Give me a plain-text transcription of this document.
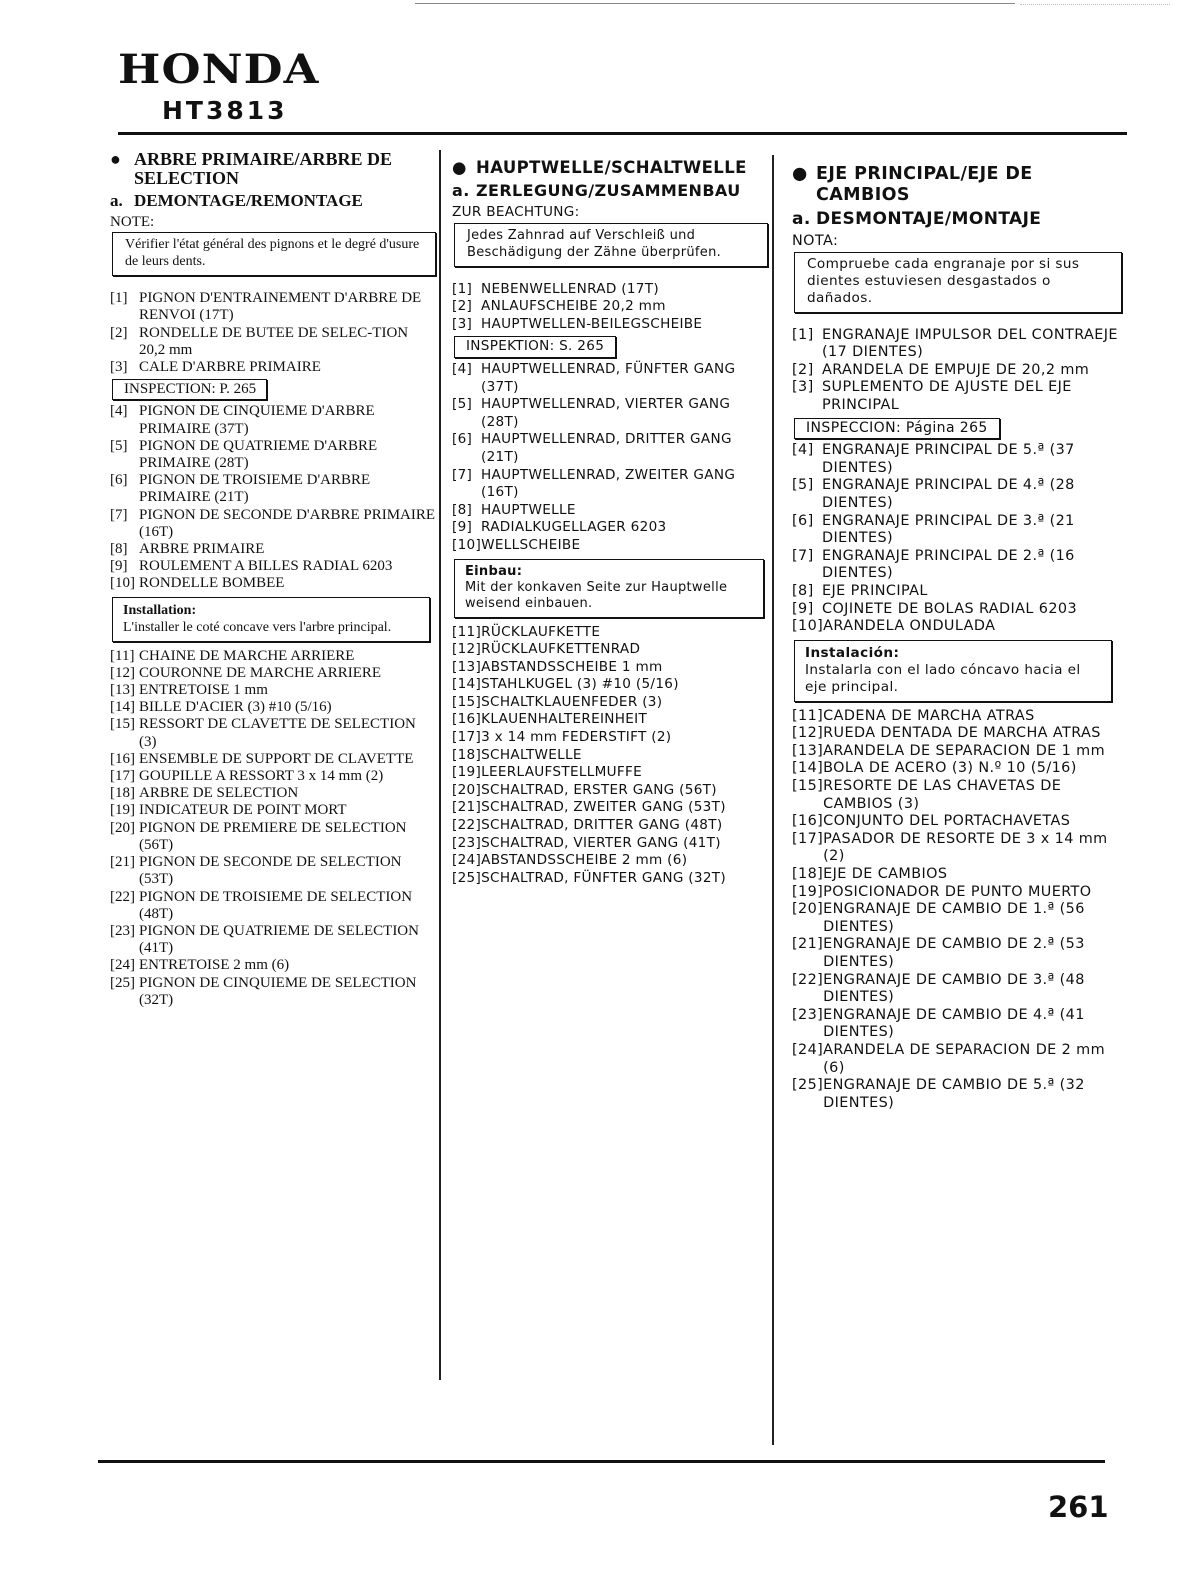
HONDA
HT3813
● ARBRE PRIMAIRE/ARBRE DE
SELECTION
a. DEMONTAGE/REMONTAGE
NOTE:
Vérifier l'état général des pignons et le degré d'usure de leurs dents.
[1] PIGNON D'ENTRAINEMENT D'ARBRE DE RENVOI (17T)
[2] RONDELLE DE BUTEE DE SELEC-TION 20,2 mm
[3] CALE D'ARBRE PRIMAIRE
INSPECTION: P. 265
[4] PIGNON DE CINQUIEME D'ARBRE PRIMAIRE (37T)
[5] PIGNON DE QUATRIEME D'ARBRE PRIMAIRE (28T)
[6] PIGNON DE TROISIEME D'ARBRE PRIMAIRE (21T)
[7] PIGNON DE SECONDE D'ARBRE PRIMAIRE (16T)
[8] ARBRE PRIMAIRE
[9] ROULEMENT A BILLES RADIAL 6203
[10] RONDELLE BOMBEE
Installation:
L'installer le coté concave vers l'arbre principal.
[11] CHAINE DE MARCHE ARRIERE
[12] COURONNE DE MARCHE ARRIERE
[13] ENTRETOISE 1 mm
[14] BILLE D'ACIER (3) #10 (5/16)
[15] RESSORT DE CLAVETTE DE SELECTION (3)
[16] ENSEMBLE DE SUPPORT DE CLAVETTE
[17] GOUPILLE A RESSORT 3 x 14 mm (2)
[18] ARBRE DE SELECTION
[19] INDICATEUR DE POINT MORT
[20] PIGNON DE PREMIERE DE SELECTION (56T)
[21] PIGNON DE SECONDE DE SELECTION (53T)
[22] PIGNON DE TROISIEME DE SELECTION (48T)
[23] PIGNON DE QUATRIEME DE SELECTION (41T)
[24] ENTRETOISE 2 mm (6)
[25] PIGNON DE CINQUIEME DE SELECTION (32T)
● HAUPTWELLE/SCHALTWELLE
a. ZERLEGUNG/ZUSAMMENBAU
ZUR BEACHTUNG:
Jedes Zahnrad auf Verschleiß und Beschädigung der Zähne überprüfen.
[1] NEBENWELLENRAD (17T)
[2] ANLAUFSCHEIBE 20,2 mm
[3] HAUPTWELLEN-BEILEGSCHEIBE
INSPEKTION: S. 265
[4] HAUPTWELLENRAD, FÜNFTER GANG (37T)
[5] HAUPTWELLENRAD, VIERTER GANG (28T)
[6] HAUPTWELLENRAD, DRITTER GANG (21T)
[7] HAUPTWELLENRAD, ZWEITER GANG (16T)
[8] HAUPTWELLE
[9] RADIALKUGELLAGER 6203
[10] WELLSCHEIBE
Einbau:
Mit der konkaven Seite zur Hauptwelle weisend einbauen.
[11] RÜCKLAUFKETTE
[12] RÜCKLAUFKETTENRAD
[13] ABSTANDSSCHEIBE 1 mm
[14] STAHLKUGEL (3) #10 (5/16)
[15] SCHALTKLAUENFEDER (3)
[16] KLAUENHALTEREINHEIT
[17] 3 x 14 mm FEDERSTIFT (2)
[18] SCHALTWELLE
[19] LEERLAUFSTELLMUFFE
[20] SCHALTRAD, ERSTER GANG (56T)
[21] SCHALTRAD, ZWEITER GANG (53T)
[22] SCHALTRAD, DRITTER GANG (48T)
[23] SCHALTRAD, VIERTER GANG (41T)
[24] ABSTANDSSCHEIBE 2 mm (6)
[25] SCHALTRAD, FÜNFTER GANG (32T)
● EJE PRINCIPAL/EJE DE CAMBIOS
a. DESMONTAJE/MONTAJE
NOTA:
Compruebe cada engranaje por si sus dientes estuviesen desgastados o dañados.
[1] ENGRANAJE IMPULSOR DEL CONTRAEJE (17 DIENTES)
[2] ARANDELA DE EMPUJE DE 20,2 mm
[3] SUPLEMENTO DE AJUSTE DEL EJE PRINCIPAL
INSPECCION: Página 265
[4] ENGRANAJE PRINCIPAL DE 5.ª (37 DIENTES)
[5] ENGRANAJE PRINCIPAL DE 4.ª (28 DIENTES)
[6] ENGRANAJE PRINCIPAL DE 3.ª (21 DIENTES)
[7] ENGRANAJE PRINCIPAL DE 2.ª (16 DIENTES)
[8] EJE PRINCIPAL
[9] COJINETE DE BOLAS RADIAL 6203
[10] ARANDELA ONDULADA
Instalación:
Instalarla con el lado cóncavo hacia el eje principal.
[11] CADENA DE MARCHA ATRAS
[12] RUEDA DENTADA DE MARCHA ATRAS
[13] ARANDELA DE SEPARACION DE 1 mm
[14] BOLA DE ACERO (3) N.º 10 (5/16)
[15] RESORTE DE LAS CHAVETAS DE CAMBIOS (3)
[16] CONJUNTO DEL PORTACHAVETAS
[17] PASADOR DE RESORTE DE 3 x 14 mm (2)
[18] EJE DE CAMBIOS
[19] POSICIONADOR DE PUNTO MUERTO
[20] ENGRANAJE DE CAMBIO DE 1.ª (56 DIENTES)
[21] ENGRANAJE DE CAMBIO DE 2.ª (53 DIENTES)
[22] ENGRANAJE DE CAMBIO DE 3.ª (48 DIENTES)
[23] ENGRANAJE DE CAMBIO DE 4.ª (41 DIENTES)
[24] ARANDELA DE SEPARACION DE 2 mm (6)
[25] ENGRANAJE DE CAMBIO DE 5.ª (32 DIENTES)
261
